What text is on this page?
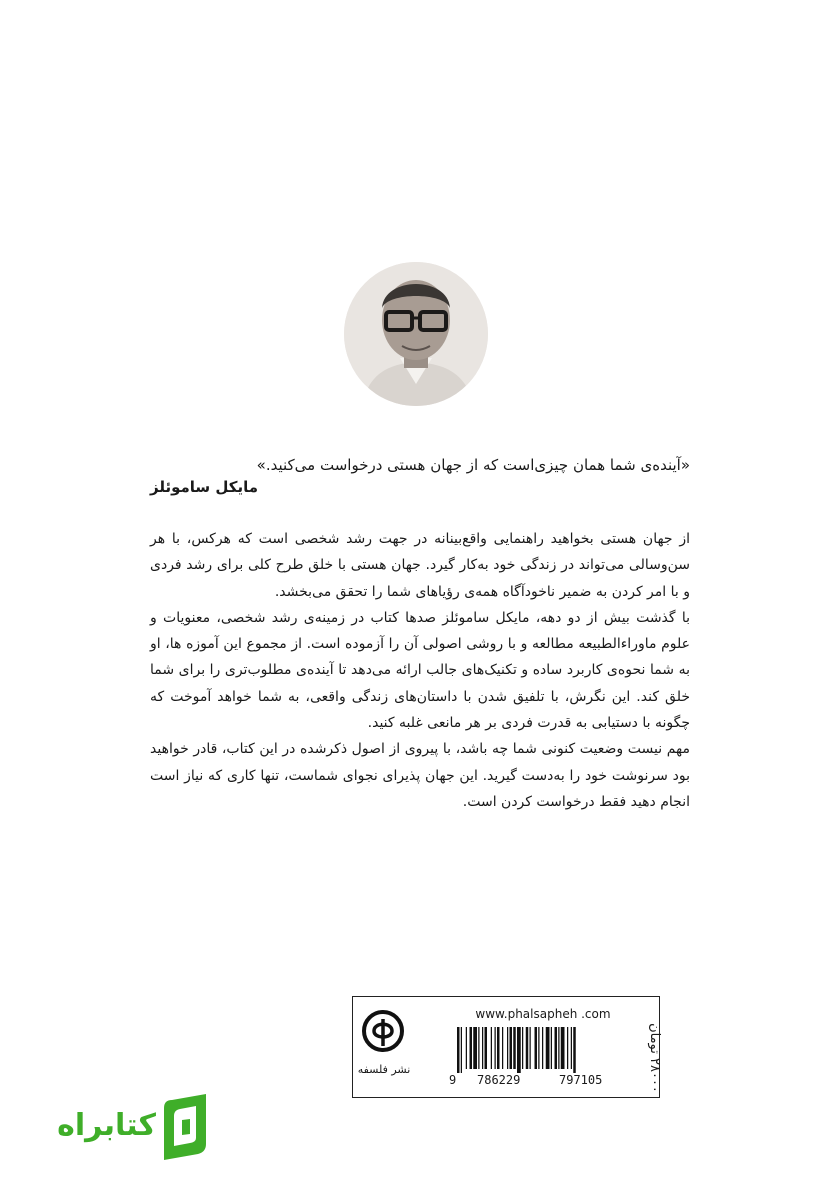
«آینده‌ی شما همان چیزی‌است که از جهان هستی درخواست می‌کنید.»

مایکل ساموئلز

از جهان هستی بخواهید راهنمایی واقع‌بینانه در جهت رشد شخصی است که هرکس، با هر سن‌وسالی می‌تواند در زندگی خود به‌کار گیرد. جهان هستی با خلق طرح کلی برای رشد فردی و با امر کردن به ضمیر ناخودآگاه همه‌ی رؤیاهای شما را تحقق می‌بخشد.

با گذشت بیش از دو دهه، مایکل ساموئلز صدها کتاب در زمینه‌ی رشد شخصی، معنویات و علوم ماوراءالطبیعه مطالعه و با روشی اصولی آن را آزموده است. از مجموع این آموزه ها، او به شما نحوه‌ی کاربرد ساده و تکنیک‌های جالب ارائه می‌دهد تا آینده‌ی مطلوب‌تری را برای شما خلق کند. این نگرش، با تلفیق شدن با داستان‌های زندگی واقعی، به شما خواهد آموخت که چگونه با دستیابی به قدرت فردی بر هر مانعی غلبه کنید.

مهم نیست وضعیت کنونی شما چه باشد، با پیروی از اصول ذکرشده در این کتاب، قادر خواهید بود سرنوشت خود را به‌دست گیرید. این جهان پذیرای نجوای شماست، تنها کاری که نیاز است انجام دهید فقط درخواست کردن است.

نشر فلسفه
www.phalsapheh .com
9 786229	797105
۲۸۰۰۰ تومان
کتابراه
